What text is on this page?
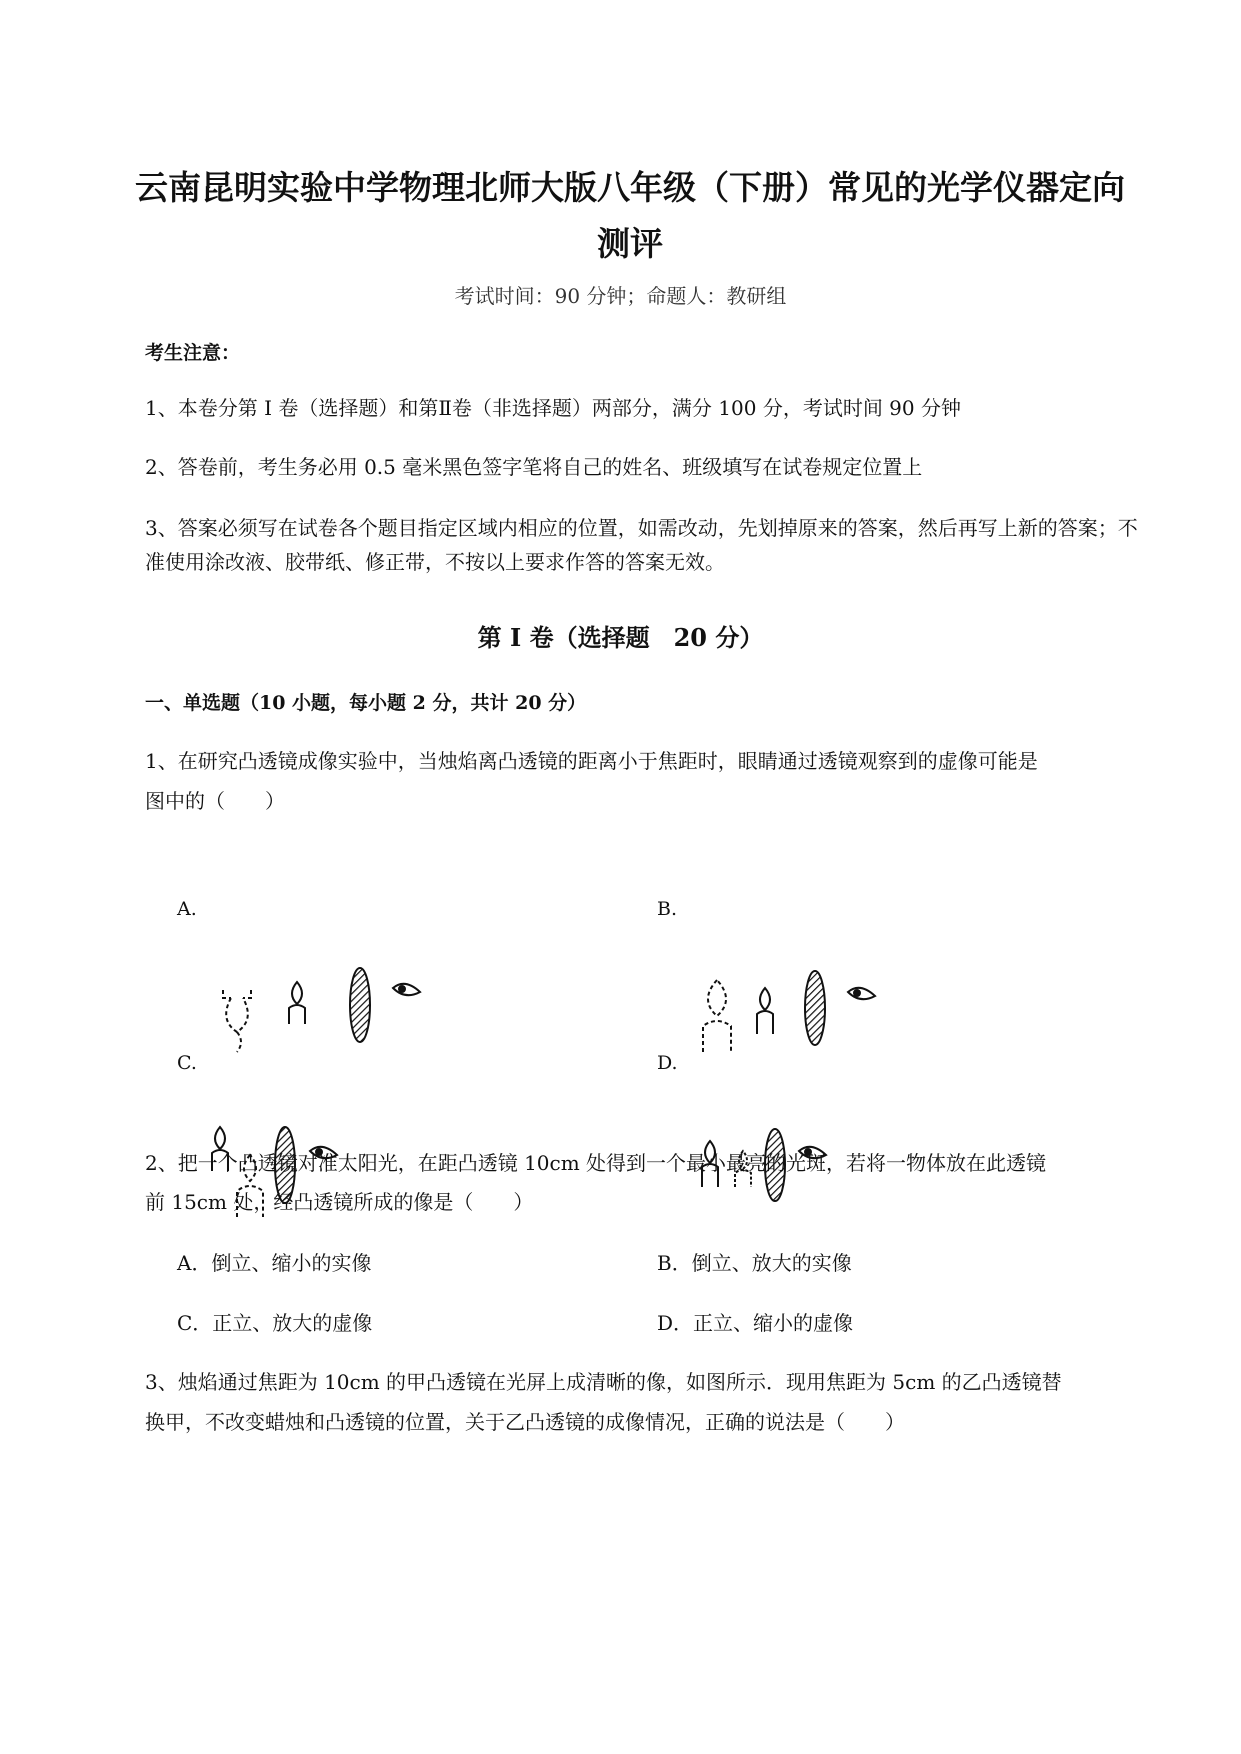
云南昆明实验中学物理北师大版八年级（下册）常见的光学仪器定向
测评
考试时间：90 分钟；命题人：教研组
考生注意：
1、本卷分第 I 卷（选择题）和第Ⅱ卷（非选择题）两部分，满分 100 分，考试时间 90 分钟
2、答卷前，考生务必用 0.5 毫米黑色签字笔将自己的姓名、班级填写在试卷规定位置上
3、答案必须写在试卷各个题目指定区域内相应的位置，如需改动，先划掉原来的答案，然后再写上新的答案；不准使用涂改液、胶带纸、修正带，不按以上要求作答的答案无效。
第 I 卷（选择题　20 分）
一、单选题（10 小题，每小题 2 分，共计 20 分）
1、在研究凸透镜成像实验中，当烛焰离凸透镜的距离小于焦距时，眼睛通过透镜观察到的虚像可能是
图中的（　　）
A.	B.
C.	D.
2、把一个凸透镜对准太阳光，在距凸透镜 10cm 处得到一个最小最亮的光斑，若将一物体放在此透镜
前 15cm 处，经凸透镜所成的像是（　　）
A．倒立、缩小的实像	B．倒立、放大的实像
C．正立、放大的虚像	D．正立、缩小的虚像
3、烛焰通过焦距为 10cm 的甲凸透镜在光屏上成清晰的像，如图所示．现用焦距为 5cm 的乙凸透镜替
换甲，不改变蜡烛和凸透镜的位置，关于乙凸透镜的成像情况，正确的说法是（　　）
